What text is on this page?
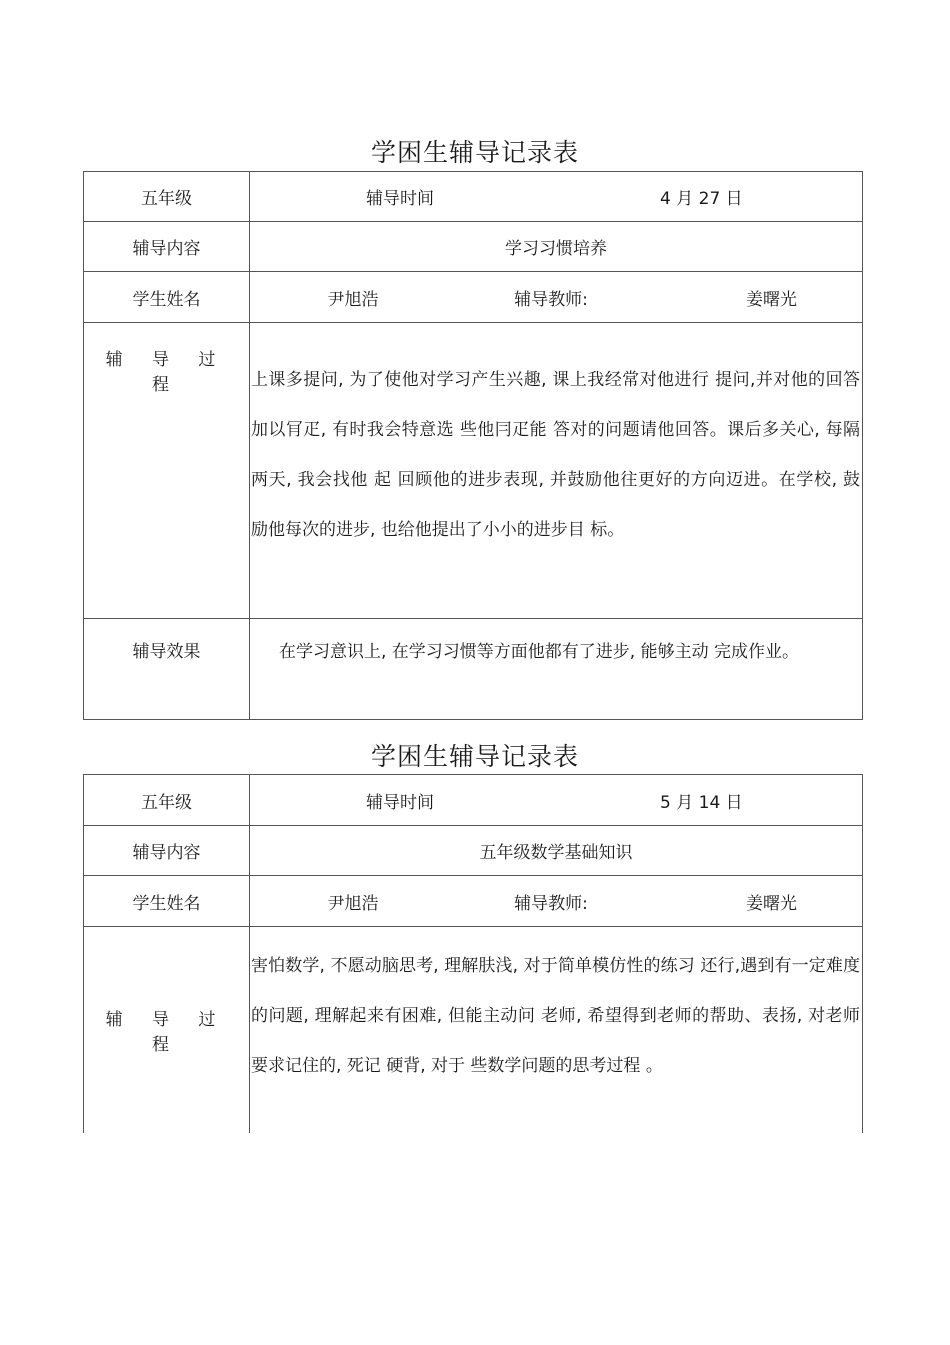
学困生辅导记录表
五年级	辅导时间 4 月 27 日

辅导内容	学习习惯培养
学生姓名	尹旭浩 辅导教师: 姜曙光

辅 导 过 程	上课多提问, 为了使他对学习产生兴趣, 课上我经常对他进行 提问,并对他的回答加以肎疋, 有时我会特意选 些他冃疋能 答对的问题请他回答。课后多关心, 每隔两天, 我会找他 起 回顾他的进步表现, 并鼓励他往更好的方向迈进。在学校, 鼓 励他每次的进步, 也给他提出了小小的进步目 标。

辅导效果	在学习意识上, 在学习习惯等方面他都有了进步, 能够主动 完成作业。
学困生辅导记录表
五年级	辅导时间 5 月 14 日

辅导内容	五年级数学基础知识
学生姓名	尹旭浩 辅导教师: 姜曙光

辅 导 过 程	害怕数学, 不愿动脑思考, 理解肤浅, 对于简单模仿性的练习 还行,遇到有一定难度的问题, 理解起来有困难, 但能主动问 老师, 希望得到老师的帮助、表扬, 对老师要求记住的, 死记 硬背, 对于 些数学问题的思考过程 。
